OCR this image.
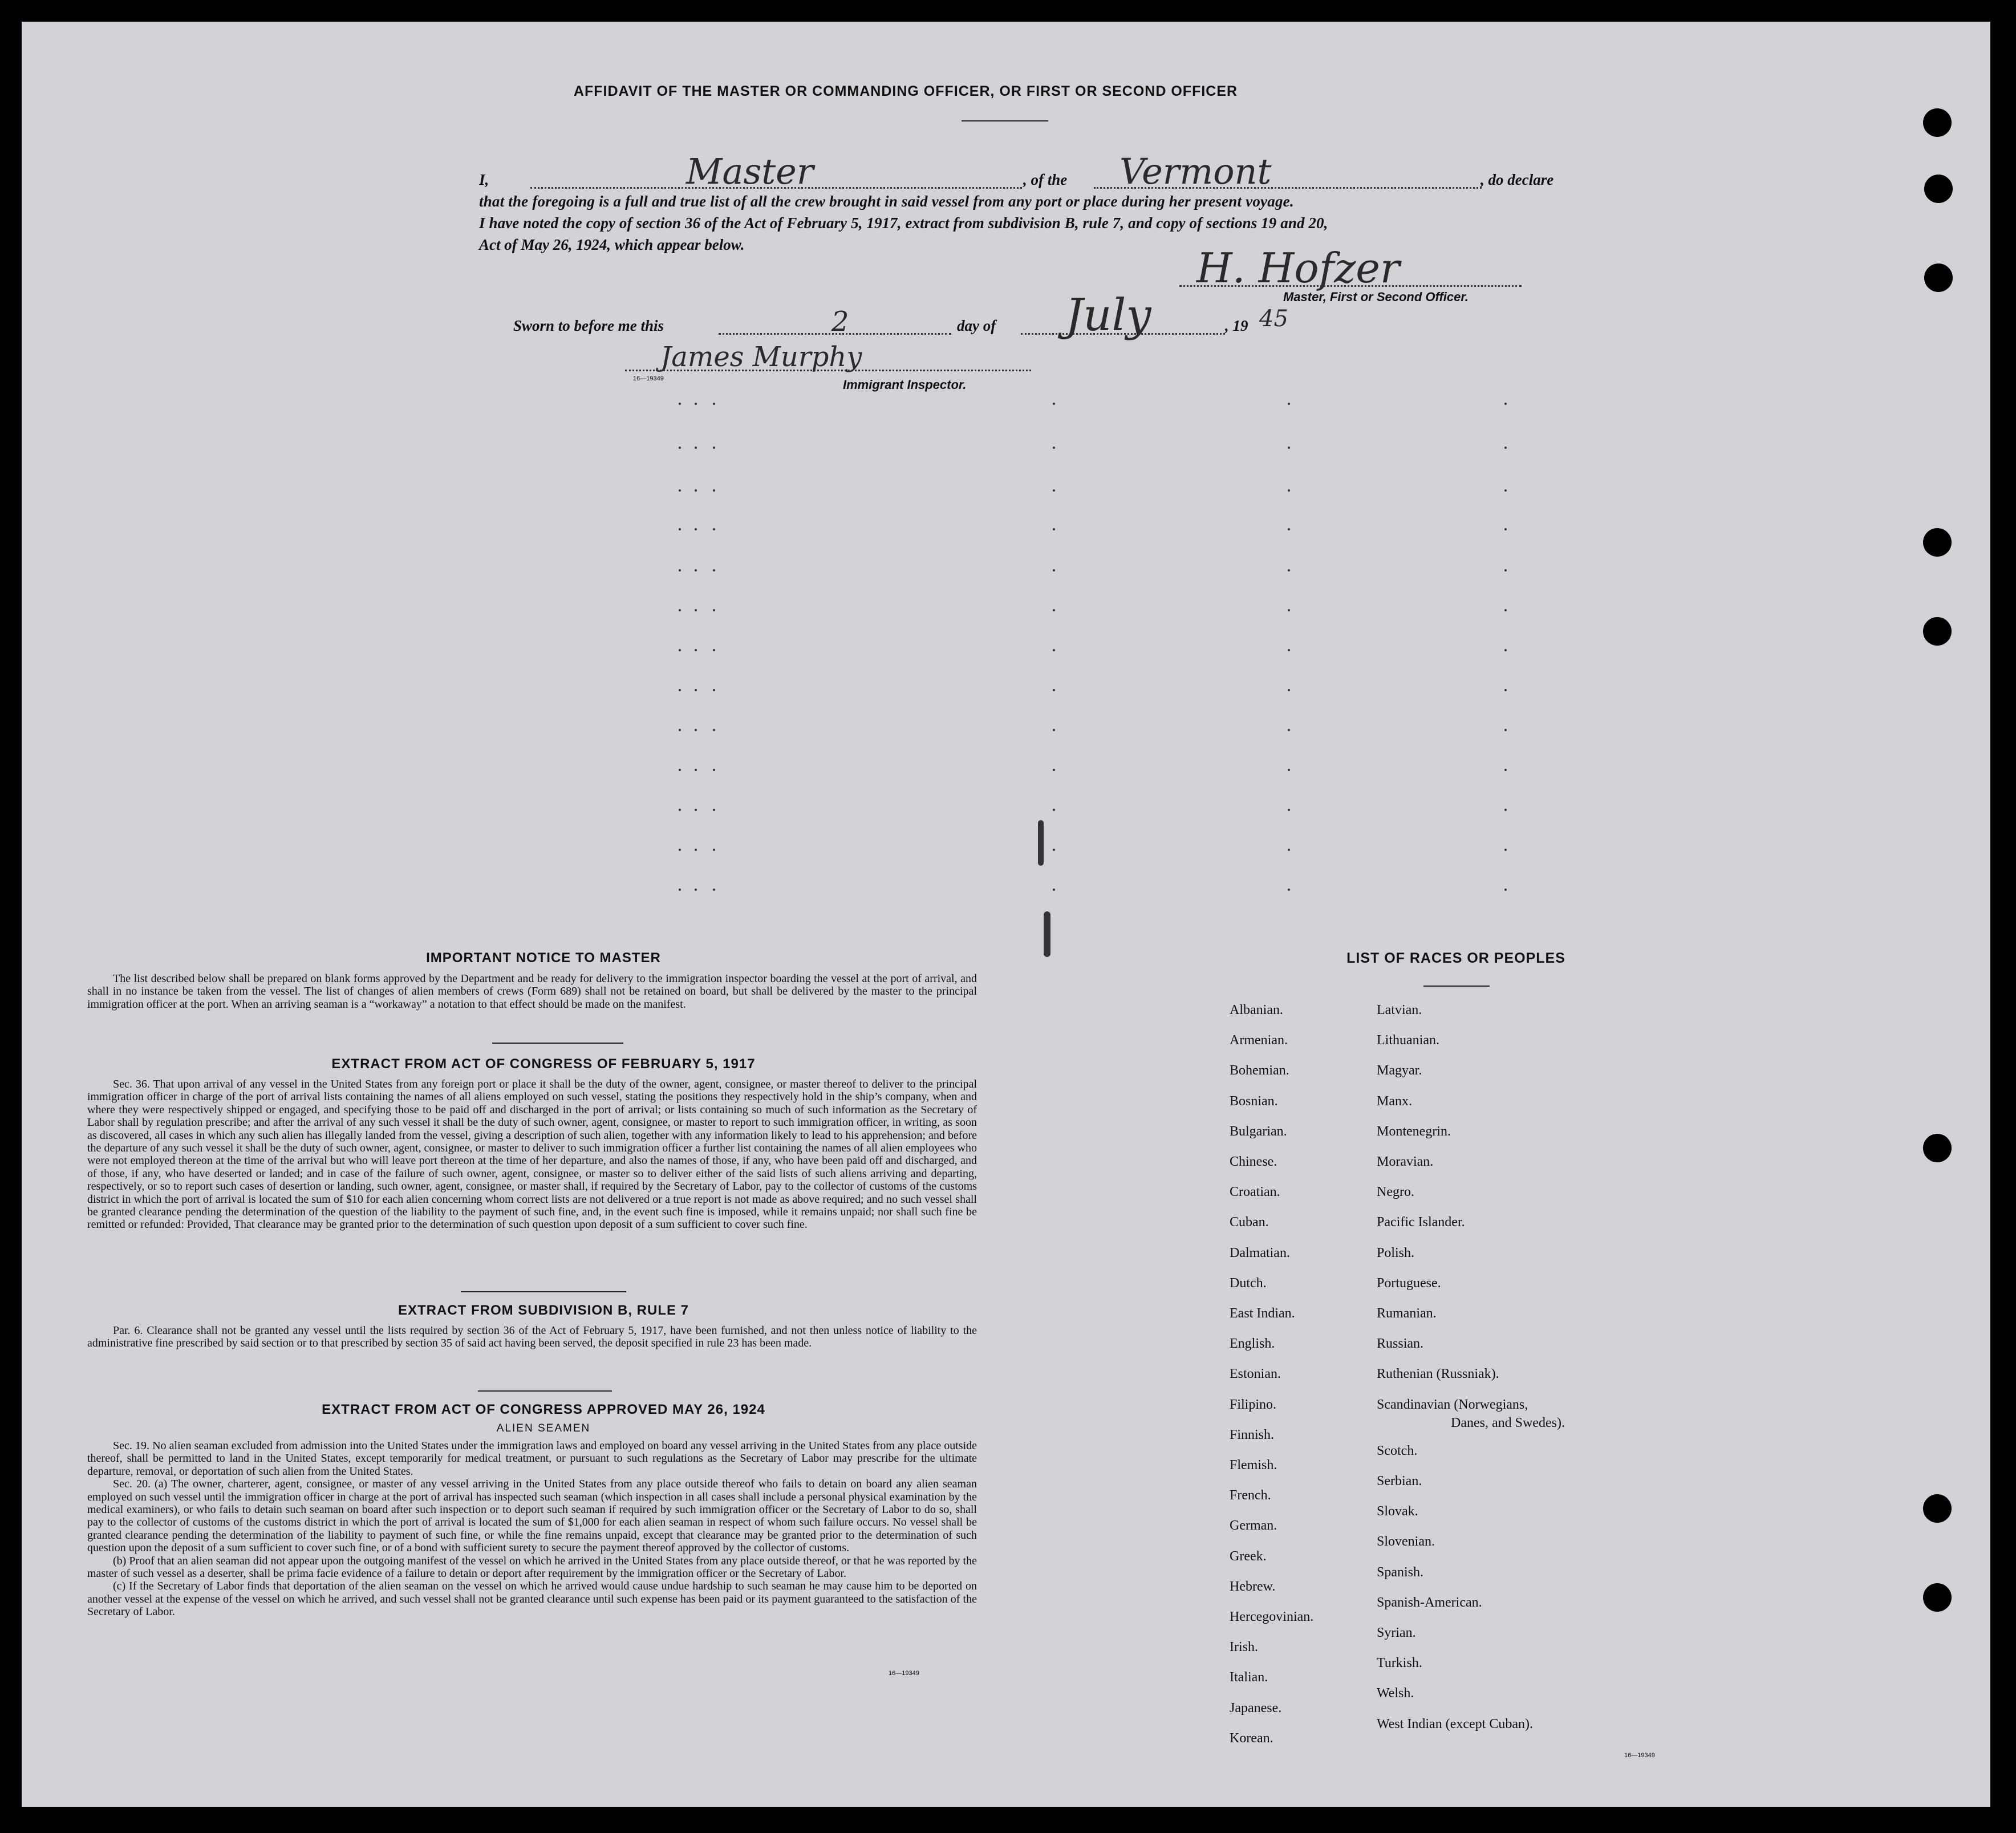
AFFIDAVIT OF THE MASTER OR COMMANDING OFFICER, OR FIRST OR SECOND OFFICER
I,	Master	, of the Vermont	, do declare
that the foregoing is a full and true list of all the crew brought in said vessel from any port or place during her present voyage.
I have noted the copy of section 36 of the Act of February 5, 1917, extract from subdivision B, rule 7, and copy of sections 19 and 20,
Act of May 26, 1924, which appear below.	H. Hofzer
Master, First or Second Officer.
Sworn to before me this	2	day of July	, 19 45
James Murphy
16—19349	Immigrant Inspector.
IMPORTANT NOTICE TO MASTER

The list described below shall be prepared on blank forms approved by the Department and be ready for delivery to the immigration inspector boarding the vessel at the port of arrival, and shall in no instance be taken from the vessel. The list of changes of alien members of crews (Form 689) shall not be retained on board, but shall be delivered by the master to the principal immigration officer at the port. When an arriving seaman is a “workaway” a notation to that effect should be made on the manifest.

EXTRACT FROM ACT OF CONGRESS OF FEBRUARY 5, 1917

Sec. 36. That upon arrival of any vessel in the United States from any foreign port or place it shall be the duty of the owner, agent, consignee, or master thereof to deliver to the principal immigration officer in charge of the port of arrival lists containing the names of all aliens employed on such vessel, stating the positions they respectively hold in the ship’s company, when and where they were respectively shipped or engaged, and specifying those to be paid off and discharged in the port of arrival; or lists containing so much of such information as the Secretary of Labor shall by regulation prescribe; and after the arrival of any such vessel it shall be the duty of such owner, agent, consignee, or master to report to such immigration officer, in writing, as soon as discovered, all cases in which any such alien has illegally landed from the vessel, giving a description of such alien, together with any information likely to lead to his apprehension; and before the departure of any such vessel it shall be the duty of such owner, agent, consignee, or master to deliver to such immigration officer a further list containing the names of all alien employees who were not employed thereon at the time of the arrival but who will leave port thereon at the time of her departure, and also the names of those, if any, who have been paid off and discharged, and of those, if any, who have deserted or landed; and in case of the failure of such owner, agent, consignee, or master so to deliver either of the said lists of such aliens arriving and departing, respectively, or so to report such cases of desertion or landing, such owner, agent, consignee, or master shall, if required by the Secretary of Labor, pay to the collector of customs of the customs district in which the port of arrival is located the sum of $10 for each alien concerning whom correct lists are not delivered or a true report is not made as above required; and no such vessel shall be granted clearance pending the determination of the question of the liability to the payment of such fine, and, in the event such fine is imposed, while it remains unpaid; nor shall such fine be remitted or refunded: Provided, That clearance may be granted prior to the determination of such question upon deposit of a sum sufficient to cover such fine.

EXTRACT FROM SUBDIVISION B, RULE 7

Par. 6. Clearance shall not be granted any vessel until the lists required by section 36 of the Act of February 5, 1917, have been furnished, and not then unless notice of liability to the administrative fine prescribed by said section or to that prescribed by section 35 of said act having been served, the deposit specified in rule 23 has been made.

EXTRACT FROM ACT OF CONGRESS APPROVED MAY 26, 1924
ALIEN SEAMEN

Sec. 19. No alien seaman excluded from admission into the United States under the immigration laws and employed on board any vessel arriving in the United States from any place outside thereof, shall be permitted to land in the United States, except temporarily for medical treatment, or pursuant to such regulations as the Secretary of Labor may prescribe for the ultimate departure, removal, or deportation of such alien from the United States.

Sec. 20. (a) The owner, charterer, agent, consignee, or master of any vessel arriving in the United States from any place outside thereof who fails to detain on board any alien seaman employed on such vessel until the immigration officer in charge at the port of arrival has inspected such seaman (which inspection in all cases shall include a personal physical examination by the medical examiners), or who fails to detain such seaman on board after such inspection or to deport such seaman if required by such immigration officer or the Secretary of Labor to do so, shall pay to the collector of customs of the customs district in which the port of arrival is located the sum of $1,000 for each alien seaman in respect of whom such failure occurs. No vessel shall be granted clearance pending the determination of the liability to payment of such fine, or while the fine remains unpaid, except that clearance may be granted prior to the determination of such question upon the deposit of a sum sufficient to cover such fine, or of a bond with sufficient surety to secure the payment thereof approved by the collector of customs.

(b) Proof that an alien seaman did not appear upon the outgoing manifest of the vessel on which he arrived in the United States from any place outside thereof, or that he was reported by the master of such vessel as a deserter, shall be prima facie evidence of a failure to detain or deport after requirement by the immigration officer or the Secretary of Labor.

(c) If the Secretary of Labor finds that deportation of the alien seaman on the vessel on which he arrived would cause undue hardship to such seaman he may cause him to be deported on another vessel at the expense of the vessel on which he arrived, and such vessel shall not be granted clearance until such expense has been paid or its payment guaranteed to the satisfaction of the Secretary of Labor.

16—19349
LIST OF RACES OR PEOPLES
Danes, and Swedes).
16—19349
Albanian.
Armenian.
Bohemian.
Bosnian.
Bulgarian.
Chinese.
Croatian.
Cuban.
Dalmatian.
Dutch.
East Indian.
English.
Estonian.
Filipino.
Finnish.
Flemish.
French.
German.
Greek.
Hebrew.
Hercegovinian.
Irish.
Italian.
Japanese.
Korean.
Latvian.
Lithuanian.
Magyar.
Manx.
Montenegrin.
Moravian.
Negro.
Pacific Islander.
Polish.
Portuguese.
Rumanian.
Russian.
Ruthenian (Russniak).
Scandinavian (Norwegians,
Scotch.
Serbian.
Slovak.
Slovenian.
Spanish.
Spanish-American.
Syrian.
Turkish.
Welsh.
West Indian (except Cuban).
